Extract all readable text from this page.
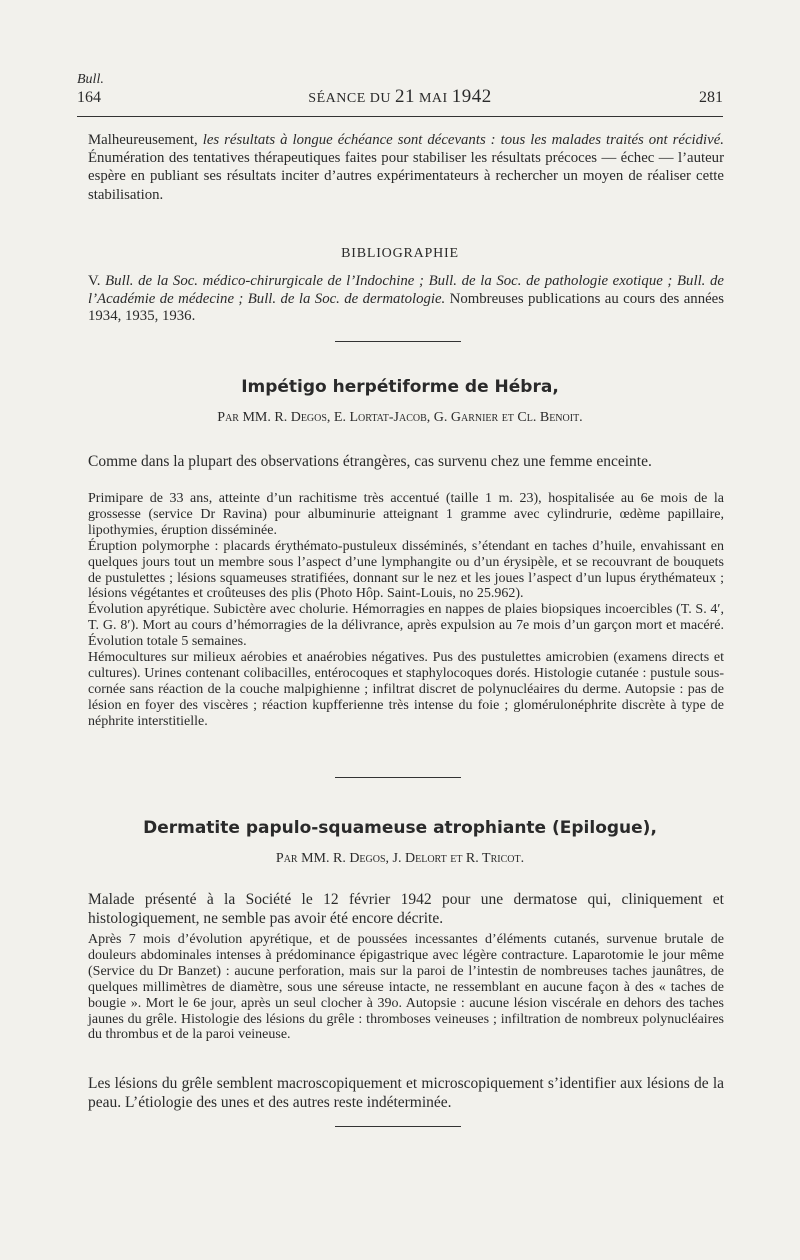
Bull.
164	SÉANCE DU 21 MAI 1942	281

Malheureusement, les résultats à longue échéance sont décevants : tous les malades traités ont récidivé. Énumération des tentatives thérapeutiques faites pour stabiliser les résultats précoces — échec — l’auteur espère en publiant ses résultats inciter d’autres expérimentateurs à rechercher un moyen de réaliser cette stabilisation.

BIBLIOGRAPHIE
V. Bull. de la Soc. médico-chirurgicale de l’Indochine ; Bull. de la Soc. de pathologie exotique ; Bull. de l’Académie de médecine ; Bull. de la Soc. de dermatologie. Nombreuses publications au cours des années 1934, 1935, 1936.
Impétigo herpétiforme de Hébra,
Par MM. R. Degos, E. Lortat-Jacob, G. Garnier et Cl. Benoit.
Comme dans la plupart des observations étrangères, cas survenu chez une femme enceinte.

Primipare de 33 ans, atteinte d’un rachitisme très accentué (taille 1 m. 23), hospitalisée au 6e mois de la grossesse (service Dr Ravina) pour albuminurie atteignant 1 gramme avec cylindrurie, œdème papillaire, lipothymies, éruption disséminée.

Éruption polymorphe : placards érythémato-pustuleux disséminés, s’étendant en taches d’huile, envahissant en quelques jours tout un membre sous l’aspect d’une lymphangite ou d’un érysipèle, et se recouvrant de bouquets de pustulettes ; lésions squameuses stratifiées, donnant sur le nez et les joues l’aspect d’un lupus érythémateux ; lésions végétantes et croûteuses des plis (Photo Hôp. Saint-Louis, no 25.962).

Évolution apyrétique. Subictère avec cholurie. Hémorragies en nappes de plaies biopsiques incoercibles (T. S. 4′, T. G. 8′). Mort au cours d’hémorragies de la délivrance, après expulsion au 7e mois d’un garçon mort et macéré. Évolution totale 5 semaines.

Hémocultures sur milieux aérobies et anaérobies négatives. Pus des pustulettes amicrobien (examens directs et cultures). Urines contenant colibacilles, entérocoques et staphylocoques dorés. Histologie cutanée : pustule sous-cornée sans réaction de la couche malpighienne ; infiltrat discret de polynucléaires du derme. Autopsie : pas de lésion en foyer des viscères ; réaction kupfferienne très intense du foie ; glomérulonéphrite discrète à type de néphrite interstitielle.

Dermatite papulo-squameuse atrophiante (Epilogue),
Par MM. R. Degos, J. Delort et R. Tricot.
Malade présenté à la Société le 12 février 1942 pour une dermatose qui, cliniquement et histologiquement, ne semble pas avoir été encore décrite.
Après 7 mois d’évolution apyrétique, et de poussées incessantes d’éléments cutanés, survenue brutale de douleurs abdominales intenses à prédominance épigastrique avec légère contracture. Laparotomie le jour même (Service du Dr Banzet) : aucune perforation, mais sur la paroi de l’intestin de nombreuses taches jaunâtres, de quelques millimètres de diamètre, sous une séreuse intacte, ne ressemblant en aucune façon à des « taches de bougie ». Mort le 6e jour, après un seul clocher à 39o. Autopsie : aucune lésion viscérale en dehors des taches jaunes du grêle. Histologie des lésions du grêle : thromboses veineuses ; infiltration de nombreux polynucléaires du thrombus et de la paroi veineuse.
Les lésions du grêle semblent macroscopiquement et microscopiquement s’identifier aux lésions de la peau. L’étiologie des unes et des autres reste indéterminée.
